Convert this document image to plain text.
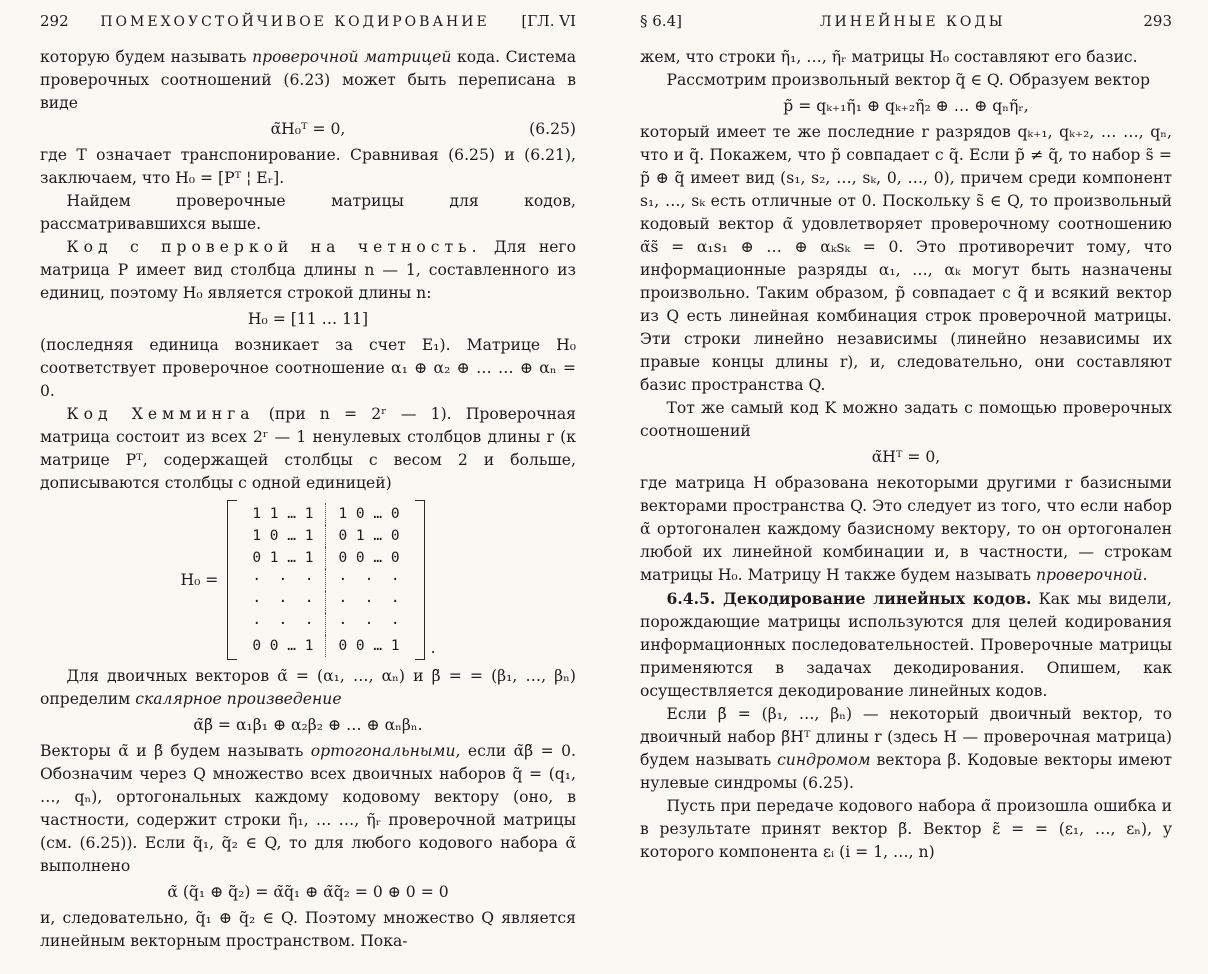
292 ПОМЕХОУСТОЙЧИВОЕ КОДИРОВАНИЕ [ГЛ. VI

которую будем называть проверочной матрицей кода. Система проверочных соотношений (6.23) может быть переписана в виде

α̃H₀ᵀ = 0,	(6.25)

где T означает транспонирование. Сравнивая (6.25) и (6.21), заключаем, что H₀ = [Pᵀ ¦ Eᵣ].

Найдем проверочные матрицы для кодов, рассматривавшихся выше.

Код с проверкой на четность. Для него матрица P имеет вид столбца длины n — 1, составленного из единиц, поэтому H₀ является строкой длины n:

H₀ = [11 … 11]

(последняя единица возникает за счет E₁). Матрице H₀ соответствует проверочное соотношение α₁ ⊕ α₂ ⊕ … … ⊕ αₙ = 0.

Код Хемминга (при n = 2ʳ — 1). Проверочная матрица состоит из всех 2ʳ — 1 ненулевых столбцов длины r (к матрице Pᵀ, содержащей столбцы с весом 2 и больше, дописываются столбцы с одной единицей)

H₀ =
1 1 … 1	1 0 … 0
1 0 … 1	0 1 … 0
0 1 … 1	0 0 … 0
·  ·  ·	·  ·  ·
·  ·  ·	·  ·  ·
·  ·  ·	·  ·  ·
0 0 … 1	0 0 … 1	.

Для двоичных векторов α̃ = (α₁, …, αₙ) и β̃ = = (β₁, …, βₙ) определим скалярное произведение

α̃β̃ = α₁β₁ ⊕ α₂β₂ ⊕ … ⊕ αₙβₙ.

Векторы α̃ и β̃ будем называть ортогональными, если α̃β̃ = 0. Обозначим через Q множество всех двоичных наборов q̃ = (q₁, …, qₙ), ортогональных каждому кодовому вектору (оно, в частности, содержит строки η̃₁, … …, η̃ᵣ проверочной матрицы (см. (6.25)). Если q̃₁, q̃₂ ∈ Q, то для любого кодового набора α̃ выполнено

α̃ (q̃₁ ⊕ q̃₂) = α̃q̃₁ ⊕ α̃q̃₂ = 0 ⊕ 0 = 0

и, следовательно, q̃₁ ⊕ q̃₂ ∈ Q. Поэтому множество Q является линейным векторным пространством. Пока-

§ 6.4]	ЛИНЕЙНЫЕ КОДЫ	293

жем, что строки η̃₁, …, η̃ᵣ матрицы H₀ составляют его базис.

Рассмотрим произвольный вектор q̃ ∈ Q. Образуем вектор

p̃ = qₖ₊₁η̃₁ ⊕ qₖ₊₂η̃₂ ⊕ … ⊕ qₙη̃ᵣ,

который имеет те же последние r разрядов qₖ₊₁, qₖ₊₂, … …, qₙ, что и q̃. Покажем, что p̃ совпадает с q̃. Если p̃ ≠ q̃, то набор s̃ = p̃ ⊕ q̃ имеет вид (s₁, s₂, …, sₖ, 0, …, 0), причем среди компонент s₁, …, sₖ есть отличные от 0. Поскольку s̃ ∈ Q, то произвольный кодовый вектор α̃ удовлетворяет проверочному соотношению α̃s̃ = α₁s₁ ⊕ … ⊕ αₖsₖ = 0. Это противоречит тому, что информационные разряды α₁, …, αₖ могут быть назначены произвольно. Таким образом, p̃ совпадает с q̃ и всякий вектор из Q есть линейная комбинация строк проверочной матрицы. Эти строки линейно независимы (линейно независимы их правые концы длины r), и, следовательно, они составляют базис пространства Q.

Тот же самый код K можно задать с помощью проверочных соотношений

α̃Hᵀ = 0,

где матрица H образована некоторыми другими r базисными векторами пространства Q. Это следует из того, что если набор α̃ ортогонален каждому базисному вектору, то он ортогонален любой их линейной комбинации и, в частности, — строкам матрицы H₀. Матрицу H также будем называть проверочной.

6.4.5. Декодирование линейных кодов. Как мы видели, порождающие матрицы используются для целей кодирования информационных последовательностей. Проверочные матрицы применяются в задачах декодирования. Опишем, как осуществляется декодирование линейных кодов.

Если β̃ = (β₁, …, βₙ) — некоторый двоичный вектор, то двоичный набор β̃Hᵀ длины r (здесь H — проверочная матрица) будем называть синдромом вектора β̃. Кодовые векторы имеют нулевые синдромы (6.25).

Пусть при передаче кодового набора α̃ произошла ошибка и в результате принят вектор β̃. Вектор ε̃ = = (ε₁, …, εₙ), у которого компонента εᵢ (i = 1, …, n)
